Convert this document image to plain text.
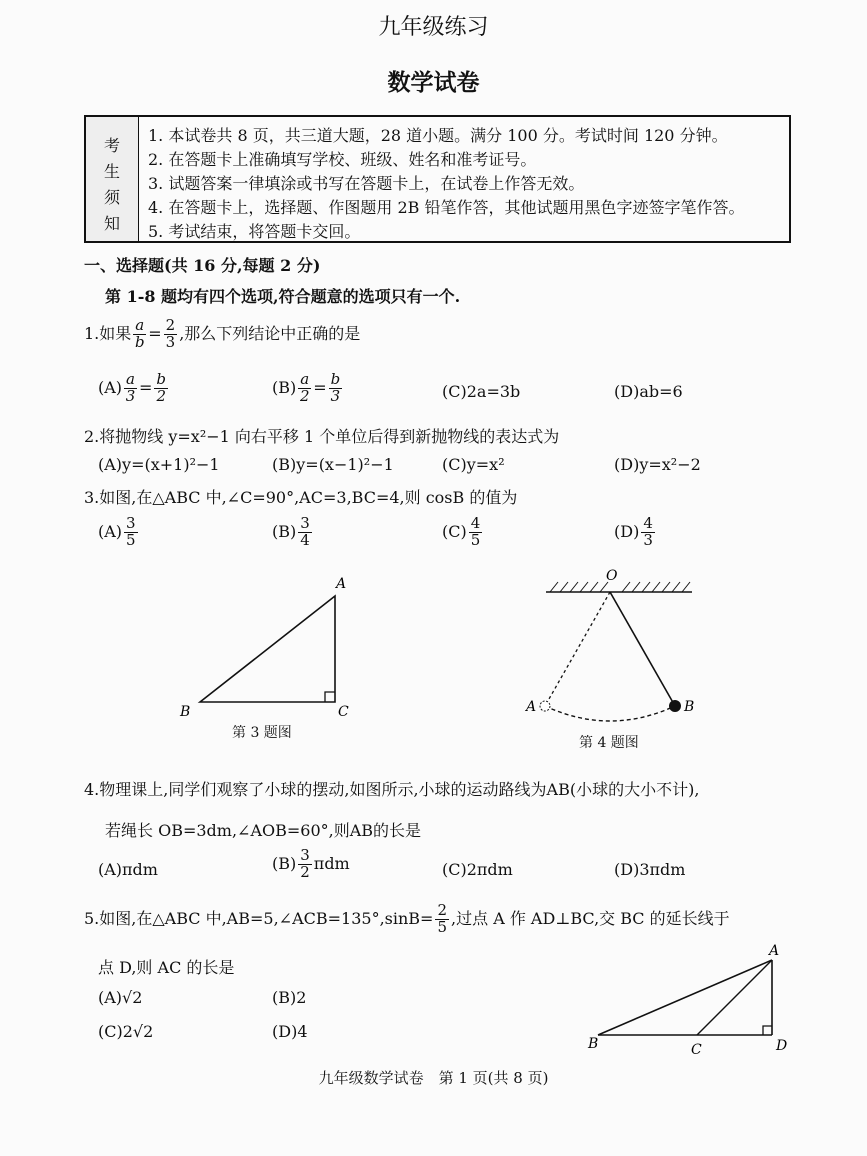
九年级练习
数学试卷
考
生
须
知
1. 本试卷共 8 页，共三道大题，28 道小题。满分 100 分。考试时间 120 分钟。
2. 在答题卡上准确填写学校、班级、姓名和准考证号。
3. 试题答案一律填涂或书写在答题卡上，在试卷上作答无效。
4. 在答题卡上，选择题、作图题用 2B 铅笔作答，其他试题用黑色字迹签字笔作答。
5. 考试结束，将答题卡交回。
一、选择题(共 16 分,每题 2 分)
第 1-8 题均有四个选项,符合题意的选项只有一个.
1.如果 $\frac{a}{b} = \frac{2}{3}$ ,那么下列结论中正确的是
$(A) \frac{a}{3} = \frac{b}{2}$	$(B) \frac{a}{2} = \frac{b}{3}$	(C)2a=3b	(D)ab=6
2.将抛物线 y=x²−1 向右平移 1 个单位后得到新抛物线的表达式为
(A)y=(x+1)²−1	(B)y=(x−1)²−1	(C)y=x²	(D)y=x²−2
3.如图,在△ABC 中,∠C=90°,AC=3,BC=4,则 cosB 的值为
$(A) \frac{3}{5}$	$(B) \frac{3}{4}$	$(C) \frac{4}{5}$	$(D) \frac{4}{3}$
A
B	C
第 3 题图
O
A	B
第 4 题图
4.物理课上,同学们观察了小球的摆动,如图所示,小球的运动路线为AB(小球的大小不计),
若绳长 OB=3dm,∠AOB=60°,则AB的长是
(A)πdm	$(B) \frac{3}{2}$ πdm	(C)2πdm	(D)3πdm
5.如图,在△ABC 中,AB=5,∠ACB=135°,sinB= $\frac{2}{5}$ ,过点 A 作 AD⊥BC,交 BC 的延长线于
点 D,则 AC 的长是
(A)√2	(B)2
(C)2√2	(D)4
A
B	C	D
九年级数学试卷　第 1 页(共 8 页)
